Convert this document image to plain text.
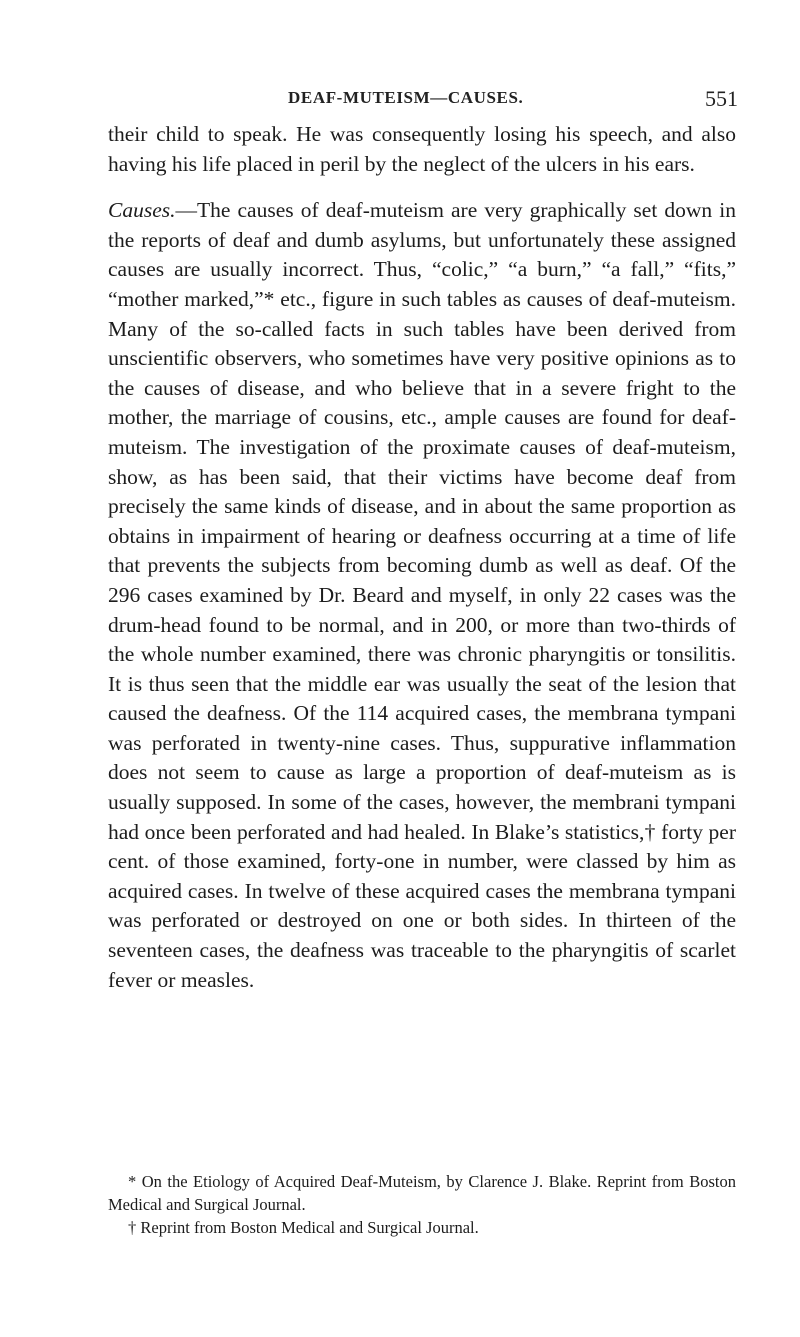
DEAF-MUTEISM—CAUSES.	551

their child to speak. He was consequently losing his speech, and also having his life placed in peril by the neglect of the ulcers in his ears.

Causes.—The causes of deaf-muteism are very graphically set down in the reports of deaf and dumb asylums, but unfortunately these assigned causes are usually incorrect. Thus, “colic,” “a burn,” “a fall,” “fits,” “mother marked,”* etc., figure in such tables as causes of deaf-muteism. Many of the so-called facts in such tables have been derived from unscientific observers, who sometimes have very positive opinions as to the causes of disease, and who believe that in a severe fright to the mother, the marriage of cousins, etc., ample causes are found for deaf-muteism. The investigation of the proximate causes of deaf-muteism, show, as has been said, that their victims have become deaf from precisely the same kinds of disease, and in about the same proportion as obtains in impairment of hearing or deafness occurring at a time of life that prevents the subjects from becoming dumb as well as deaf. Of the 296 cases examined by Dr. Beard and myself, in only 22 cases was the drum-head found to be normal, and in 200, or more than two-thirds of the whole number examined, there was chronic pharyngitis or tonsilitis. It is thus seen that the middle ear was usually the seat of the lesion that caused the deafness. Of the 114 acquired cases, the membrana tympani was perforated in twenty-nine cases. Thus, suppurative inflammation does not seem to cause as large a proportion of deaf-muteism as is usually supposed. In some of the cases, however, the membrani tympani had once been perforated and had healed. In Blake’s statistics,† forty per cent. of those examined, forty-one in number, were classed by him as acquired cases. In twelve of these acquired cases the membrana tympani was perforated or destroyed on one or both sides. In thirteen of the seventeen cases, the deafness was traceable to the pharyngitis of scarlet fever or measles.

* On the Etiology of Acquired Deaf-Muteism, by Clarence J. Blake. Reprint from Boston Medical and Surgical Journal.

† Reprint from Boston Medical and Surgical Journal.
